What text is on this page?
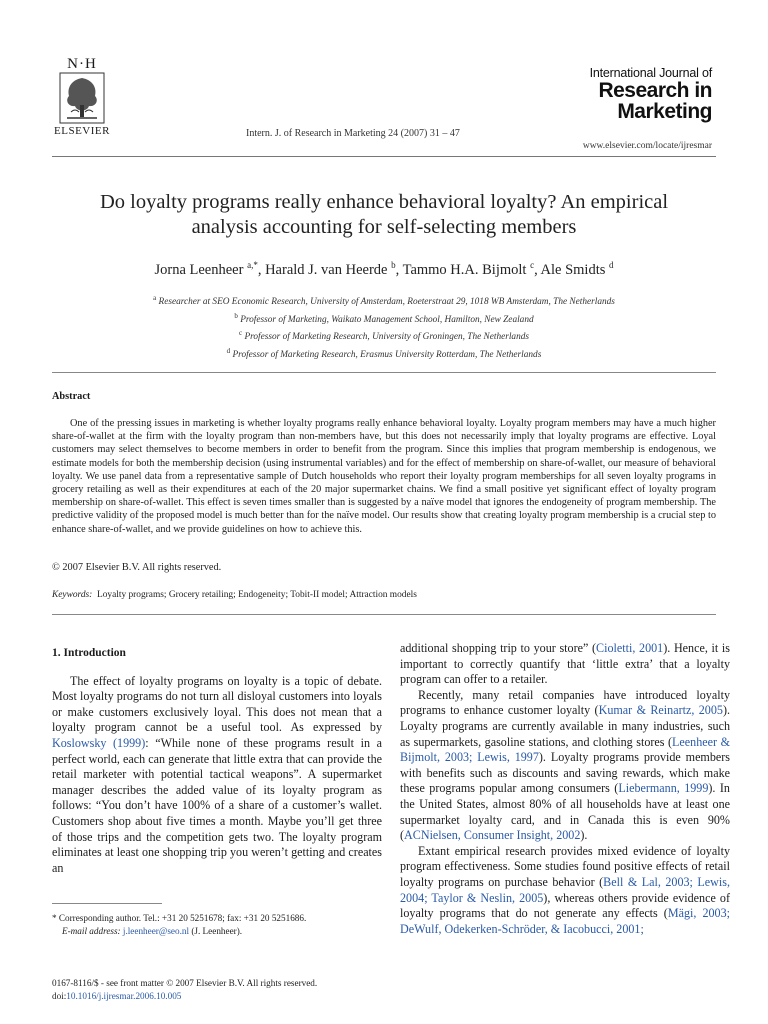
N·H
ELSEVIER	Intern. J. of Research in Marketing 24 (2007) 31 – 47
International Journal of
Research in
Marketing
www.elsevier.com/locate/ijresmar
Do loyalty programs really enhance behavioral loyalty? An empirical
analysis accounting for self-selecting members
Jorna Leenheer $^{a,*}$, Harald J. van Heerde $^b$, Tammo H.A. Bijmolt $^c$, Ale Smidts $^d$
$^a$ Researcher at SEO Economic Research, University of Amsterdam, Roeterstraat 29, 1018 WB Amsterdam, The Netherlands
$^b$ Professor of Marketing, Waikato Management School, Hamilton, New Zealand
$^c$ Professor of Marketing Research, University of Groningen, The Netherlands
$^d$ Professor of Marketing Research, Erasmus University Rotterdam, The Netherlands
Abstract

One of the pressing issues in marketing is whether loyalty programs really enhance behavioral loyalty. Loyalty program members may have a much higher share-of-wallet at the firm with the loyalty program than non-members have, but this does not necessarily imply that loyalty programs are effective. Loyal customers may select themselves to become members in order to benefit from the program. Since this implies that program membership is endogenous, we estimate models for both the membership decision (using instrumental variables) and for the effect of membership on share-of-wallet, our measure of behavioral loyalty. We use panel data from a representative sample of Dutch households who report their loyalty program memberships for all seven loyalty programs in grocery retailing as well as their expenditures at each of the 20 major supermarket chains. We find a small positive yet significant effect of loyalty program membership on share-of-wallet. This effect is seven times smaller than is suggested by a naïve model that ignores the endogeneity of program membership. The predictive validity of the proposed model is much better than for the naïve model. Our results show that creating loyalty program membership is a crucial step to enhance share-of-wallet, and we provide guidelines on how to achieve this.

© 2007 Elsevier B.V. All rights reserved.
Keywords: Loyalty programs; Grocery retailing; Endogeneity; Tobit-II model; Attraction models

1. Introduction

The effect of loyalty programs on loyalty is a topic of debate. Most loyalty programs do not turn all disloyal customers into loyals or make customers exclusively loyal. This does not mean that a loyalty program cannot be a useful tool. As expressed by Koslowsky (1999): “While none of these programs result in a perfect world, each can generate that little extra that can provide the retail marketer with potential tactical weapons”. A supermarket manager describes the added value of its loyalty program as follows: “You don’t have 100% of a share of a customer’s wallet. Customers shop about five times a month. Maybe you’ll get three of those trips and the competition gets two. The loyalty program eliminates at least one shopping trip you weren’t getting and creates an

additional shopping trip to your store” (Cioletti, 2001). Hence, it is important to correctly quantify that ‘little extra’ that a loyalty program can offer to a retailer.

Recently, many retail companies have introduced loyalty programs to enhance customer loyalty (Kumar & Reinartz, 2005). Loyalty programs are currently available in many industries, such as supermarkets, gasoline stations, and clothing stores (Leenheer & Bijmolt, 2003; Lewis, 1997). Loyalty programs provide members with benefits such as discounts and saving rewards, which make these programs popular among consumers (Liebermann, 1999). In the United States, almost 80% of all households have at least one supermarket loyalty card, and in Canada this is even 90% (ACNielsen, Consumer Insight, 2002).

Extant empirical research provides mixed evidence of loyalty program effectiveness. Some studies found positive effects of retail loyalty programs on purchase behavior (Bell & Lal, 2003; Lewis, 2004; Taylor & Neslin, 2005), whereas others provide evidence of loyalty programs that do not generate any effects (Mägi, 2003; DeWulf, Odekerken-Schröder, & Iacobucci, 2001;

* Corresponding author. Tel.: +31 20 5251678; fax: +31 20 5251686.
E-mail address: j.leenheer@seo.nl (J. Leenheer).
0167-8116/$ - see front matter © 2007 Elsevier B.V. All rights reserved.
doi:10.1016/j.ijresmar.2006.10.005
